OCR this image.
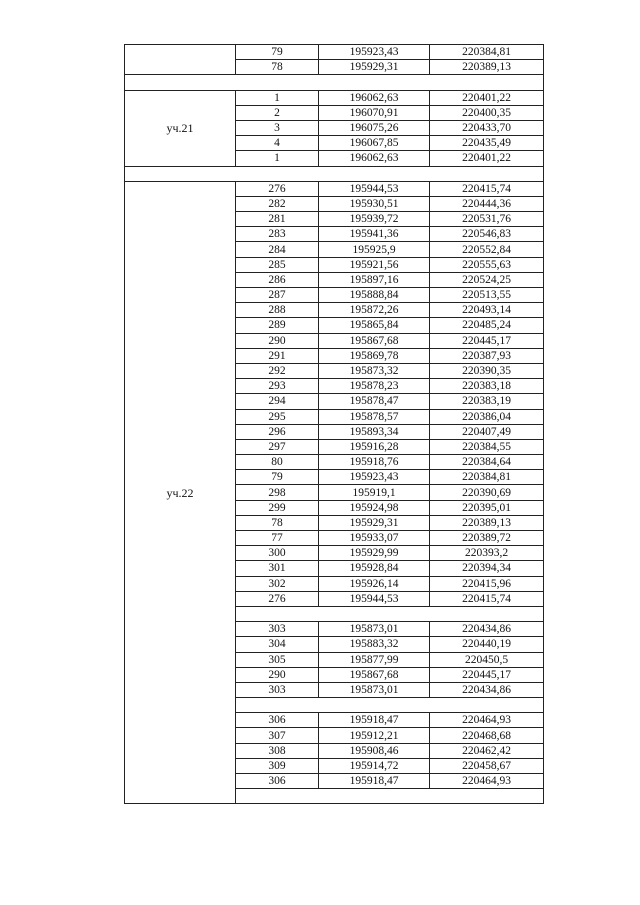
	79	195923,43	220384,81
	78	195929,31	220389,13

уч.21	1	196062,63	220401,22
	2	196070,91	220400,35
	3	196075,26	220433,70
	4	196067,85	220435,49
	1	196062,63	220401,22

уч.22	276	195944,53	220415,74
	282	195930,51	220444,36
	281	195939,72	220531,76
	283	195941,36	220546,83
	284	195925,9	220552,84
	285	195921,56	220555,63
	286	195897,16	220524,25
	287	195888,84	220513,55
	288	195872,26	220493,14
	289	195865,84	220485,24
	290	195867,68	220445,17
	291	195869,78	220387,93
	292	195873,32	220390,35
	293	195878,23	220383,18
	294	195878,47	220383,19
	295	195878,57	220386,04
	296	195893,34	220407,49
	297	195916,28	220384,55
	80	195918,76	220384,64
	79	195923,43	220384,81
	298	195919,1	220390,69
	299	195924,98	220395,01
	78	195929,31	220389,13
	77	195933,07	220389,72
	300	195929,99	220393,2
	301	195928,84	220394,34
	302	195926,14	220415,96
	276	195944,53	220415,74

	303	195873,01	220434,86
	304	195883,32	220440,19
	305	195877,99	220450,5
	290	195867,68	220445,17
	303	195873,01	220434,86

	306	195918,47	220464,93
	307	195912,21	220468,68
	308	195908,46	220462,42
	309	195914,72	220458,67
	306	195918,47	220464,93
